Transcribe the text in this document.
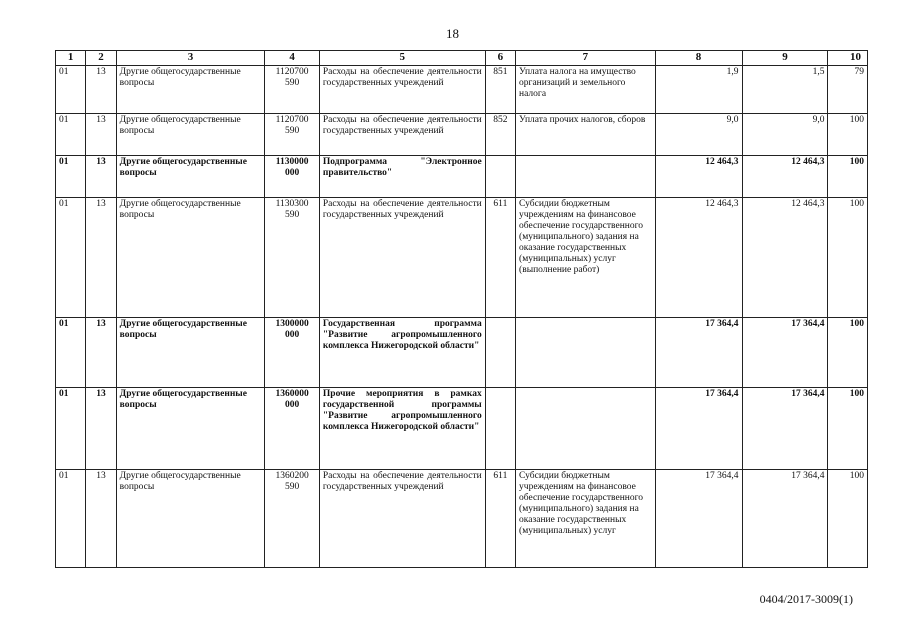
18
1	2	3	4	5	6	7	8	9	10
01	13	Другие общегосударственные вопросы	1120700 590	Расходы на обеспечение деятельности государственных учреждений	851	Уплата налога на имущество организаций и земельного налога	1,9	1,5	79
01	13	Другие общегосударственные вопросы	1120700 590	Расходы на обеспечение деятельности государственных учреждений	852	Уплата прочих налогов, сборов	9,0	9,0	100
01	13	Другие общегосударственные вопросы	1130000 000	Подпрограмма "Электронное правительство"			12 464,3	12 464,3	100
01	13	Другие общегосударственные вопросы	1130300 590	Расходы на обеспечение деятельности государственных учреждений	611	Субсидии бюджетным учреждениям на финансовое обеспечение государственного (муниципального) задания на оказание государственных (муниципальных) услуг (выполнение работ)	12 464,3	12 464,3	100
01	13	Другие общегосударственные вопросы	1300000 000	Государственная программа "Развитие агропромышленного комплекса Нижегородской области"			17 364,4	17 364,4	100
01	13	Другие общегосударственные вопросы	1360000 000	Прочие мероприятия в рамках государственной программы "Развитие агропромышленного комплекса Нижегородской области"			17 364,4	17 364,4	100
01	13	Другие общегосударственные вопросы	1360200 590	Расходы на обеспечение деятельности государственных учреждений	611	Субсидии бюджетным учреждениям на финансовое обеспечение государственного (муниципального) задания на оказание государственных (муниципальных) услуг	17 364,4	17 364,4	100
0404/2017-3009(1)
